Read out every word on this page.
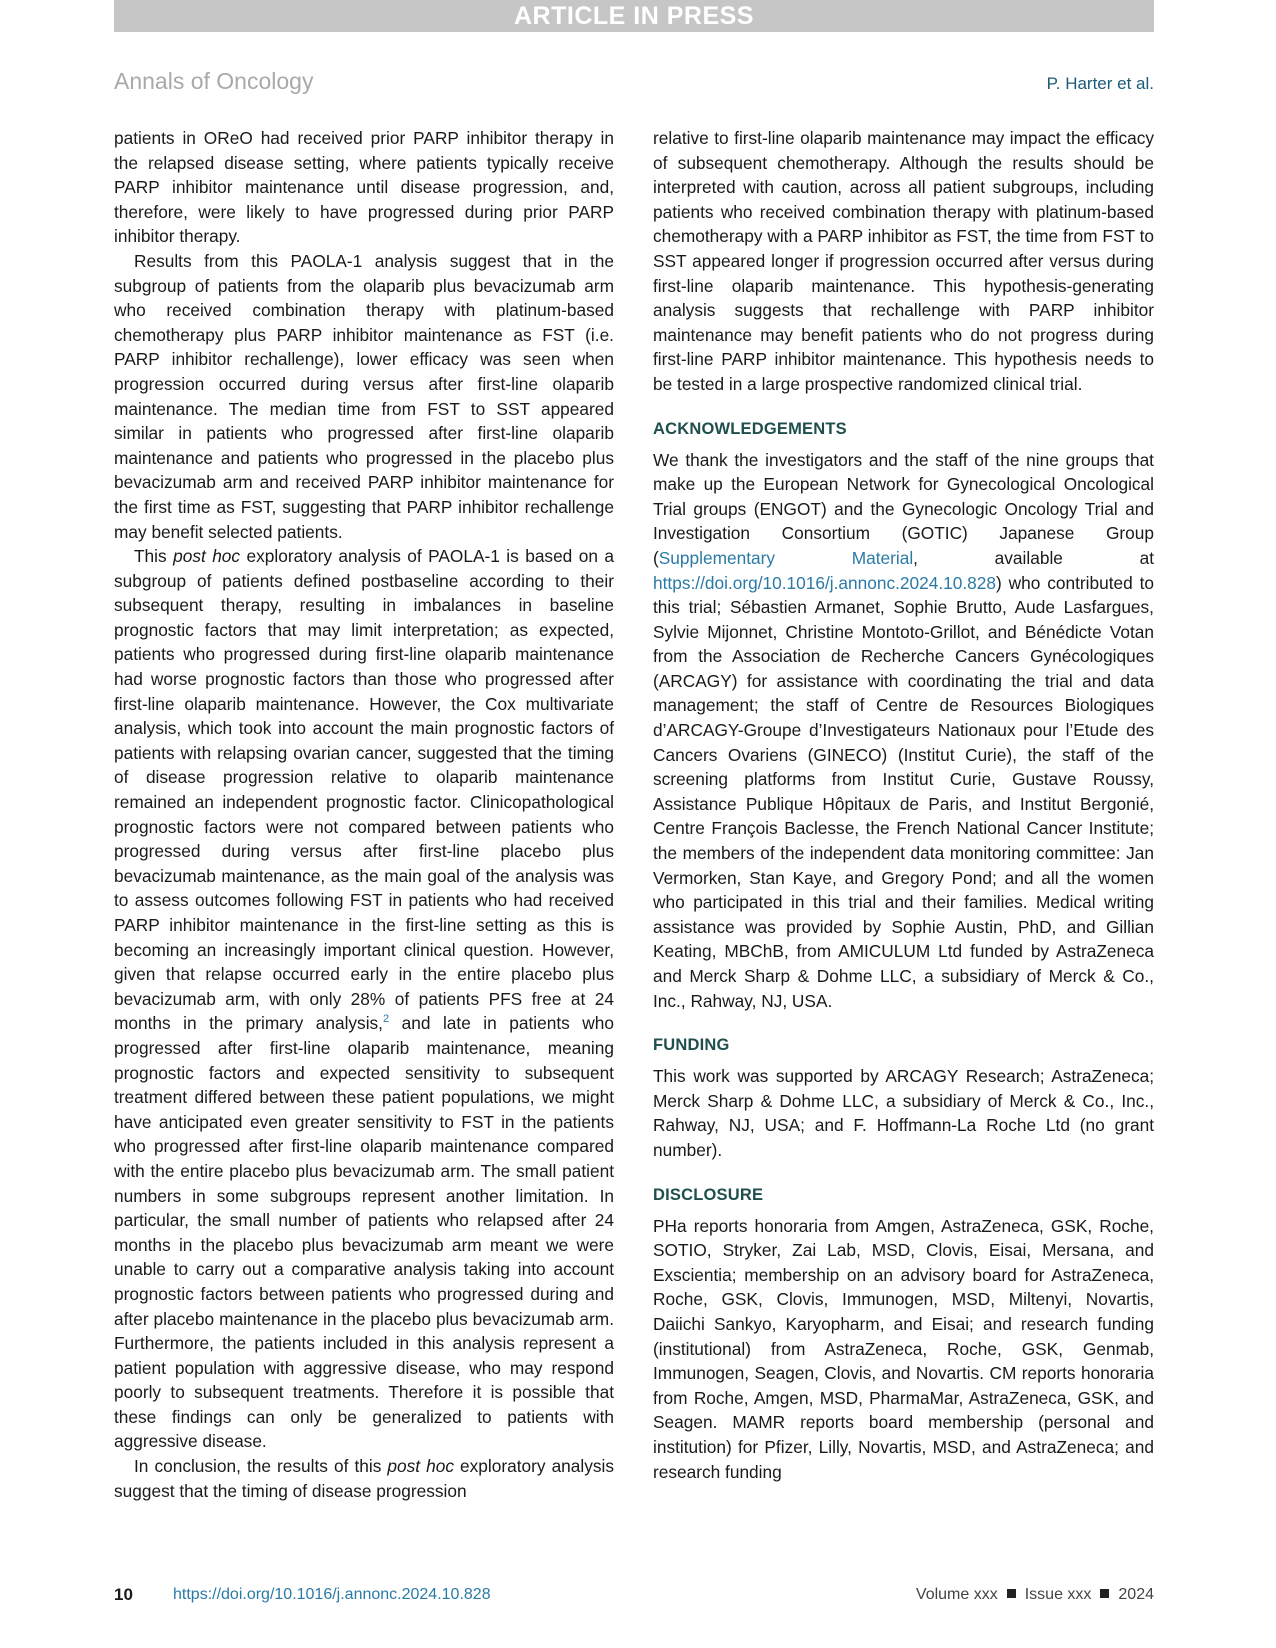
ARTICLE IN PRESS
Annals of Oncology	P. Harter et al.

patients in OReO had received prior PARP inhibitor therapy in the relapsed disease setting, where patients typically receive PARP inhibitor maintenance until disease progression, and, therefore, were likely to have progressed during prior PARP inhibitor therapy.

Results from this PAOLA-1 analysis suggest that in the subgroup of patients from the olaparib plus bevacizumab arm who received combination therapy with platinum-based chemotherapy plus PARP inhibitor maintenance as FST (i.e. PARP inhibitor rechallenge), lower efficacy was seen when progression occurred during versus after first-line olaparib maintenance. The median time from FST to SST appeared similar in patients who progressed after first-line olaparib maintenance and patients who progressed in the placebo plus bevacizumab arm and received PARP inhibitor maintenance for the first time as FST, suggesting that PARP inhibitor rechallenge may benefit selected patients.

This post hoc exploratory analysis of PAOLA-1 is based on a subgroup of patients defined postbaseline according to their subsequent therapy, resulting in imbalances in baseline prognostic factors that may limit interpretation; as expected, patients who progressed during first-line olaparib maintenance had worse prognostic factors than those who progressed after first-line olaparib maintenance. However, the Cox multivariate analysis, which took into account the main prognostic factors of patients with relapsing ovarian cancer, suggested that the timing of disease progression relative to olaparib maintenance remained an independent prognostic factor. Clinicopathological prognostic factors were not compared between patients who progressed during versus after first-line placebo plus bevacizumab maintenance, as the main goal of the analysis was to assess outcomes following FST in patients who had received PARP inhibitor maintenance in the first-line setting as this is becoming an increasingly important clinical question. However, given that relapse occurred early in the entire placebo plus bevacizumab arm, with only 28% of patients PFS free at 24 months in the primary analysis,$^2$ and late in patients who progressed after first-line olaparib maintenance, meaning prognostic factors and expected sensitivity to subsequent treatment differed between these patient populations, we might have anticipated even greater sensitivity to FST in the patients who progressed after first-line olaparib maintenance compared with the entire placebo plus bevacizumab arm. The small patient numbers in some subgroups represent another limitation. In particular, the small number of patients who relapsed after 24 months in the placebo plus bevacizumab arm meant we were unable to carry out a comparative analysis taking into account prognostic factors between patients who progressed during and after placebo maintenance in the placebo plus bevacizumab arm. Furthermore, the patients included in this analysis represent a patient population with aggressive disease, who may respond poorly to subsequent treatments. Therefore it is possible that these findings can only be generalized to patients with aggressive disease.

In conclusion, the results of this post hoc exploratory analysis suggest that the timing of disease progression

relative to first-line olaparib maintenance may impact the efficacy of subsequent chemotherapy. Although the results should be interpreted with caution, across all patient subgroups, including patients who received combination therapy with platinum-based chemotherapy with a PARP inhibitor as FST, the time from FST to SST appeared longer if progression occurred after versus during first-line olaparib maintenance. This hypothesis-generating analysis suggests that rechallenge with PARP inhibitor maintenance may benefit patients who do not progress during first-line PARP inhibitor maintenance. This hypothesis needs to be tested in a large prospective randomized clinical trial.

ACKNOWLEDGEMENTS

We thank the investigators and the staff of the nine groups that make up the European Network for Gynecological Oncological Trial groups (ENGOT) and the Gynecologic Oncology Trial and Investigation Consortium (GOTIC) Japanese Group (Supplementary Material, available at https://doi.org/10.1016/j.annonc.2024.10.828) who contributed to this trial; Sébastien Armanet, Sophie Brutto, Aude Lasfargues, Sylvie Mijonnet, Christine Montoto-Grillot, and Bénédicte Votan from the Association de Recherche Cancers Gynécologiques (ARCAGY) for assistance with coordinating the trial and data management; the staff of Centre de Resources Biologiques d’ARCAGY-Groupe d’Investigateurs Nationaux pour l’Etude des Cancers Ovariens (GINECO) (Institut Curie), the staff of the screening platforms from Institut Curie, Gustave Roussy, Assistance Publique Hôpitaux de Paris, and Institut Bergonié, Centre François Baclesse, the French National Cancer Institute; the members of the independent data monitoring committee: Jan Vermorken, Stan Kaye, and Gregory Pond; and all the women who participated in this trial and their families. Medical writing assistance was provided by Sophie Austin, PhD, and Gillian Keating, MBChB, from AMICULUM Ltd funded by AstraZeneca and Merck Sharp & Dohme LLC, a subsidiary of Merck & Co., Inc., Rahway, NJ, USA.

FUNDING

This work was supported by ARCAGY Research; AstraZeneca; Merck Sharp & Dohme LLC, a subsidiary of Merck & Co., Inc., Rahway, NJ, USA; and F. Hoffmann-La Roche Ltd (no grant number).

DISCLOSURE

PHa reports honoraria from Amgen, AstraZeneca, GSK, Roche, SOTIO, Stryker, Zai Lab, MSD, Clovis, Eisai, Mersana, and Exscientia; membership on an advisory board for AstraZeneca, Roche, GSK, Clovis, Immunogen, MSD, Miltenyi, Novartis, Daiichi Sankyo, Karyopharm, and Eisai; and research funding (institutional) from AstraZeneca, Roche, GSK, Genmab, Immunogen, Seagen, Clovis, and Novartis. CM reports honoraria from Roche, Amgen, MSD, PharmaMar, AstraZeneca, GSK, and Seagen. MAMR reports board membership (personal and institution) for Pfizer, Lilly, Novartis, MSD, and AstraZeneca; and research funding

10	https://doi.org/10.1016/j.annonc.2024.10.828	Volume xxx Issue xxx 2024
